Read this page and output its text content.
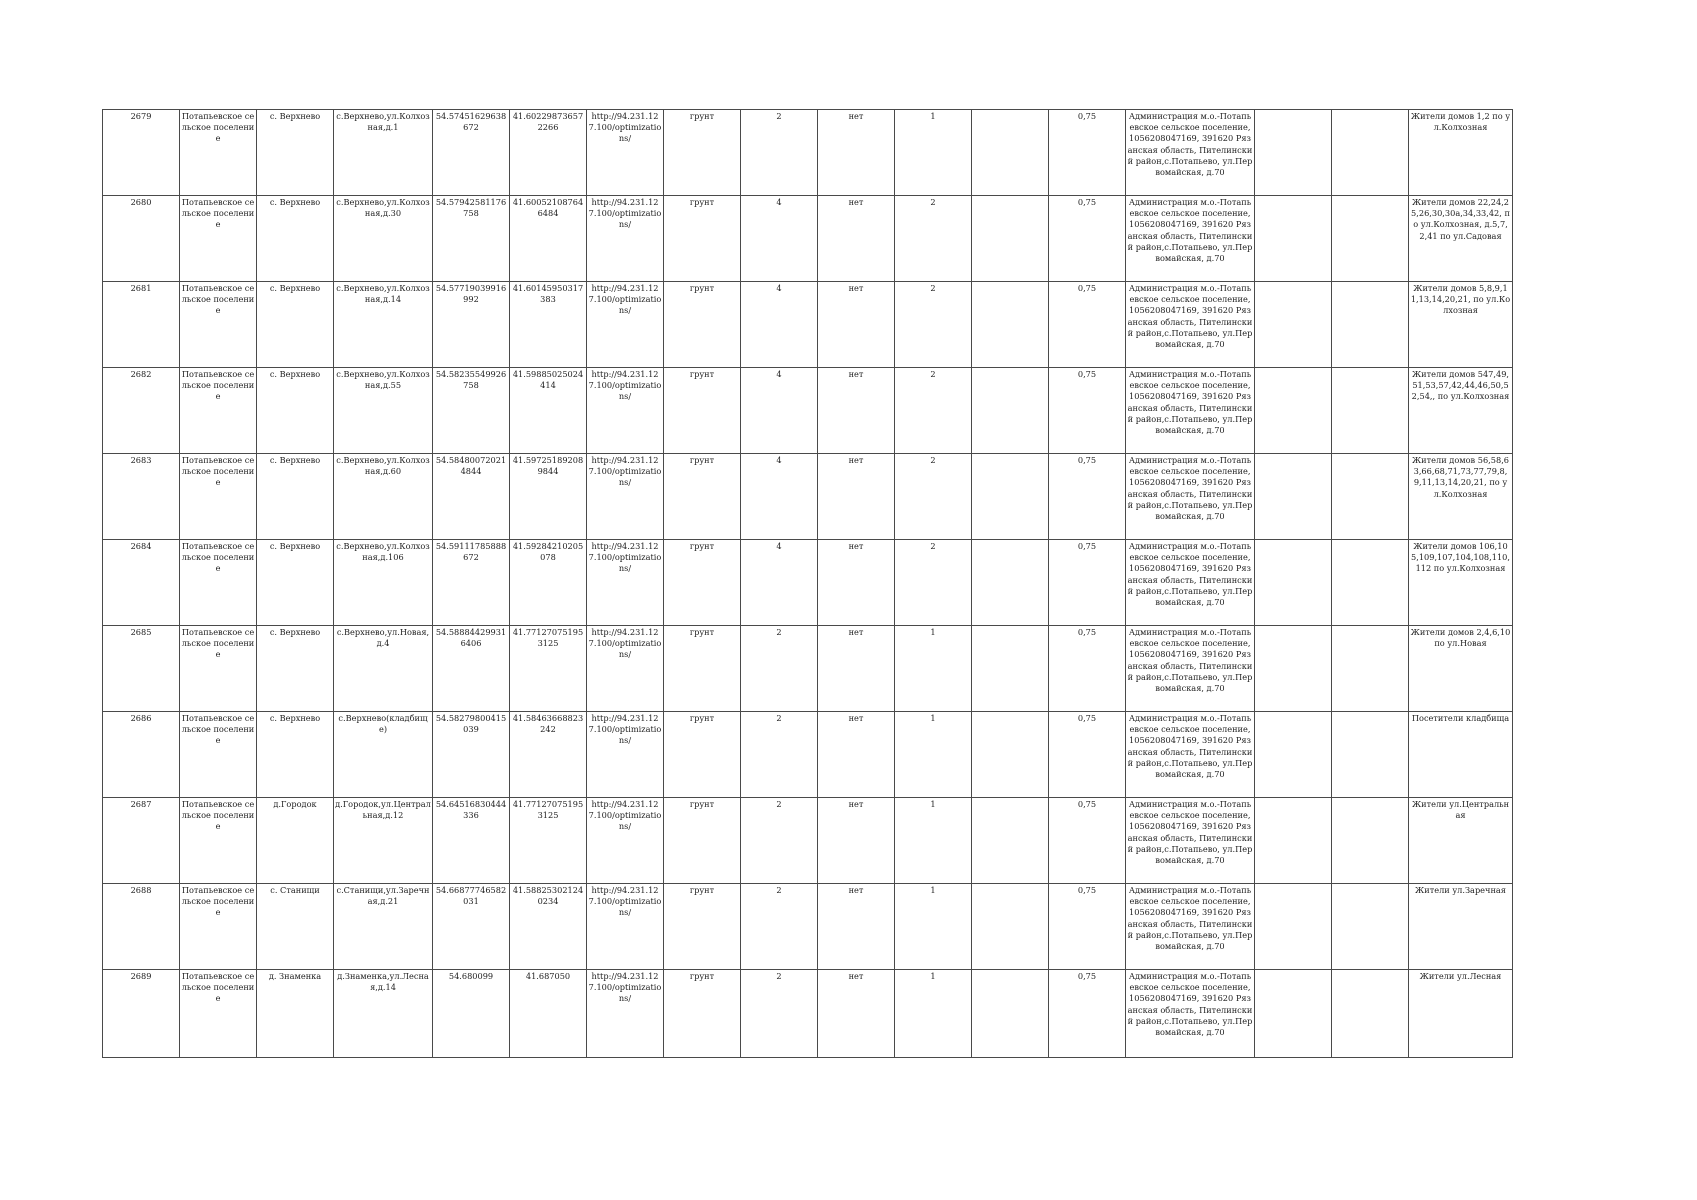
2679	Потапьевское сельское поселение	с. Верхнево	с.Верхнево,ул.Колхозная,д.1	54.57451629638672	41.602298736572266	http://94.231.127.100/optimizations/	грунт	2	нет	1		0,75	Администрация м.о.-Потапьевское сельское поселение,1056208047169, 391620 Рязанская область, Пителинский район,с.Потапьево, ул.Первомайская, д.70			Жители домов 1,2 по ул.Колхозная
2680	Потапьевское сельское поселение	с. Верхнево	с.Верхнево,ул.Колхозная,д.30	54.57942581176758	41.600521087646484	http://94.231.127.100/optimizations/	грунт	4	нет	2		0,75	Администрация м.о.-Потапьевское сельское поселение,1056208047169, 391620 Рязанская область, Пителинский район,с.Потапьево, ул.Первомайская, д.70			Жители домов 22,24,25,26,30,30а,34,33,42, по ул.Колхозная, д.5,7,2,41 по ул.Садовая
2681	Потапьевское сельское поселение	с. Верхнево	с.Верхнево,ул.Колхозная,д.14	54.57719039916992	41.60145950317383	http://94.231.127.100/optimizations/	грунт	4	нет	2		0,75	Администрация м.о.-Потапьевское сельское поселение,1056208047169, 391620 Рязанская область, Пителинский район,с.Потапьево, ул.Первомайская, д.70			Жители домов 5,8,9,11,13,14,20,21, по ул.Колхозная
2682	Потапьевское сельское поселение	с. Верхнево	с.Верхнево,ул.Колхозная,д.55	54.58235549926758	41.59885025024414	http://94.231.127.100/optimizations/	грунт	4	нет	2		0,75	Администрация м.о.-Потапьевское сельское поселение,1056208047169, 391620 Рязанская область, Пителинский район,с.Потапьево, ул.Первомайская, д.70			Жители домов 547,49,51,53,57,42,44,46,50,52,54,, по ул.Колхозная
2683	Потапьевское сельское поселение	с. Верхнево	с.Верхнево,ул.Колхозная,д.60	54.584800720214844	41.597251892089844	http://94.231.127.100/optimizations/	грунт	4	нет	2		0,75	Администрация м.о.-Потапьевское сельское поселение,1056208047169, 391620 Рязанская область, Пителинский район,с.Потапьево, ул.Первомайская, д.70			Жители домов 56,58,63,66,68,71,73,77,79,8,9,11,13,14,20,21, по ул.Колхозная
2684	Потапьевское сельское поселение	с. Верхнево	с.Верхнево,ул.Колхозная,д.106	54.59111785888672	41.59284210205078	http://94.231.127.100/optimizations/	грунт	4	нет	2		0,75	Администрация м.о.-Потапьевское сельское поселение,1056208047169, 391620 Рязанская область, Пителинский район,с.Потапьево, ул.Первомайская, д.70			Жители домов 106,105,109,107,104,108,110,112 по ул.Колхозная
2685	Потапьевское сельское поселение	с. Верхнево	с.Верхнево,ул.Новая,д.4	54.588844299316406	41.771270751953125	http://94.231.127.100/optimizations/	грунт	2	нет	1		0,75	Администрация м.о.-Потапьевское сельское поселение,1056208047169, 391620 Рязанская область, Пителинский район,с.Потапьево, ул.Первомайская, д.70			Жители домов 2,4,6,10 по ул.Новая
2686	Потапьевское сельское поселение	с. Верхнево	с.Верхнево(кладбище)	54.58279800415039	41.58463668823242	http://94.231.127.100/optimizations/	грунт	2	нет	1		0,75	Администрация м.о.-Потапьевское сельское поселение,1056208047169, 391620 Рязанская область, Пителинский район,с.Потапьево, ул.Первомайская, д.70			Посетители кладбища
2687	Потапьевское сельское поселение	д.Городок	д.Городок,ул.Центральная,д.12	54.64516830444336	41.771270751953125	http://94.231.127.100/optimizations/	грунт	2	нет	1		0,75	Администрация м.о.-Потапьевское сельское поселение,1056208047169, 391620 Рязанская область, Пителинский район,с.Потапьево, ул.Первомайская, д.70			Жители ул.Центральная
2688	Потапьевское сельское поселение	с. Станищи	с.Станищи,ул.Заречная,д.21	54.66877746582031	41.588253021240234	http://94.231.127.100/optimizations/	грунт	2	нет	1		0,75	Администрация м.о.-Потапьевское сельское поселение,1056208047169, 391620 Рязанская область, Пителинский район,с.Потапьево, ул.Первомайская, д.70			Жители ул.Заречная
2689	Потапьевское сельское поселение	д. Знаменка	д.Знаменка,ул.Лесная,д.14	54.680099	41.687050	http://94.231.127.100/optimizations/	грунт	2	нет	1		0,75	Администрация м.о.-Потапьевское сельское поселение,1056208047169, 391620 Рязанская область, Пителинский район,с.Потапьево, ул.Первомайская, д.70			Жители ул.Лесная
